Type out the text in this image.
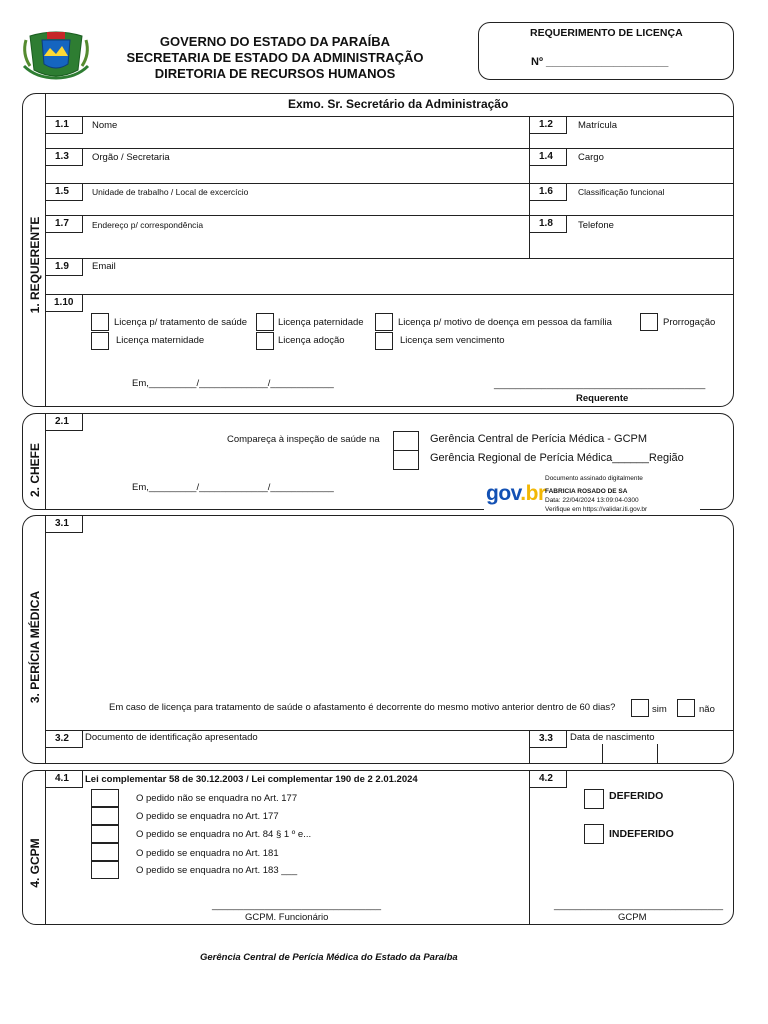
GOVERNO DO ESTADO DA PARAÍBA
SECRETARIA DE ESTADO DA ADMINISTRAÇÃO
DIRETORIA DE RECURSOS HUMANOS
REQUERIMENTO DE LICENÇA
Nº ____________________
1. REQUERENTE
Exmo. Sr. Secretário da Administração
1.1	Nome	1.2	Matrícula
1.3	Orgão / Secretaria	1.4	Cargo
1.5	Unidade de trabalho / Local de excercício	1.6	Classificação funcional
1.7	Endereço p/ correspondência	1.8	Telefone
1.9	Email
1.10
Licença p/ tratamento de saúde	Licença paternidade	Licença p/ motivo de doença em pessoa da família	Prorrogação
Licença maternidade	Licença adoção	Licença sem vencimento
Em,_________/_____________/____________	________________________________________
Requerente
2. CHEFE
2.1
Compareça à inspeção de saúde na	Gerência Central de Perícia Médica - GCPM
Gerência Regional de Perícia Médica______Região
Em,_________/_____________/____________	gov.br
Documento assinado digitalmente
FABRICIA ROSADO DE SA
Data: 22/04/2024 13:09:04-0300
Verifique em https://validar.iti.gov.br
3. PERÍCIA MÉDICA
3.1
Em caso de licença para tratamento de saúde o afastamento é decorrente do mesmo motivo anterior dentro de 60 dias?	sim	não
3.2	Documento de identificação apresentado	3.3	Data de nascimento
4. GCPM
4.1	Lei complementar 58 de 30.12.2003 / Lei complementar 190 de 2 2.01.2024	4.2
O pedido não se enquadra no Art. 177
O pedido se enquadra no Art. 177
O pedido se enquadra no Art. 84 § 1 º e...
O pedido se enquadra no Art. 181
O pedido se enquadra no Art. 183 ___
DEFERIDO
INDEFERIDO
________________________________
GCPM. Funcionário
________________________________
GCPM
Gerência Central de Perícia Médica do Estado da Paraíba
